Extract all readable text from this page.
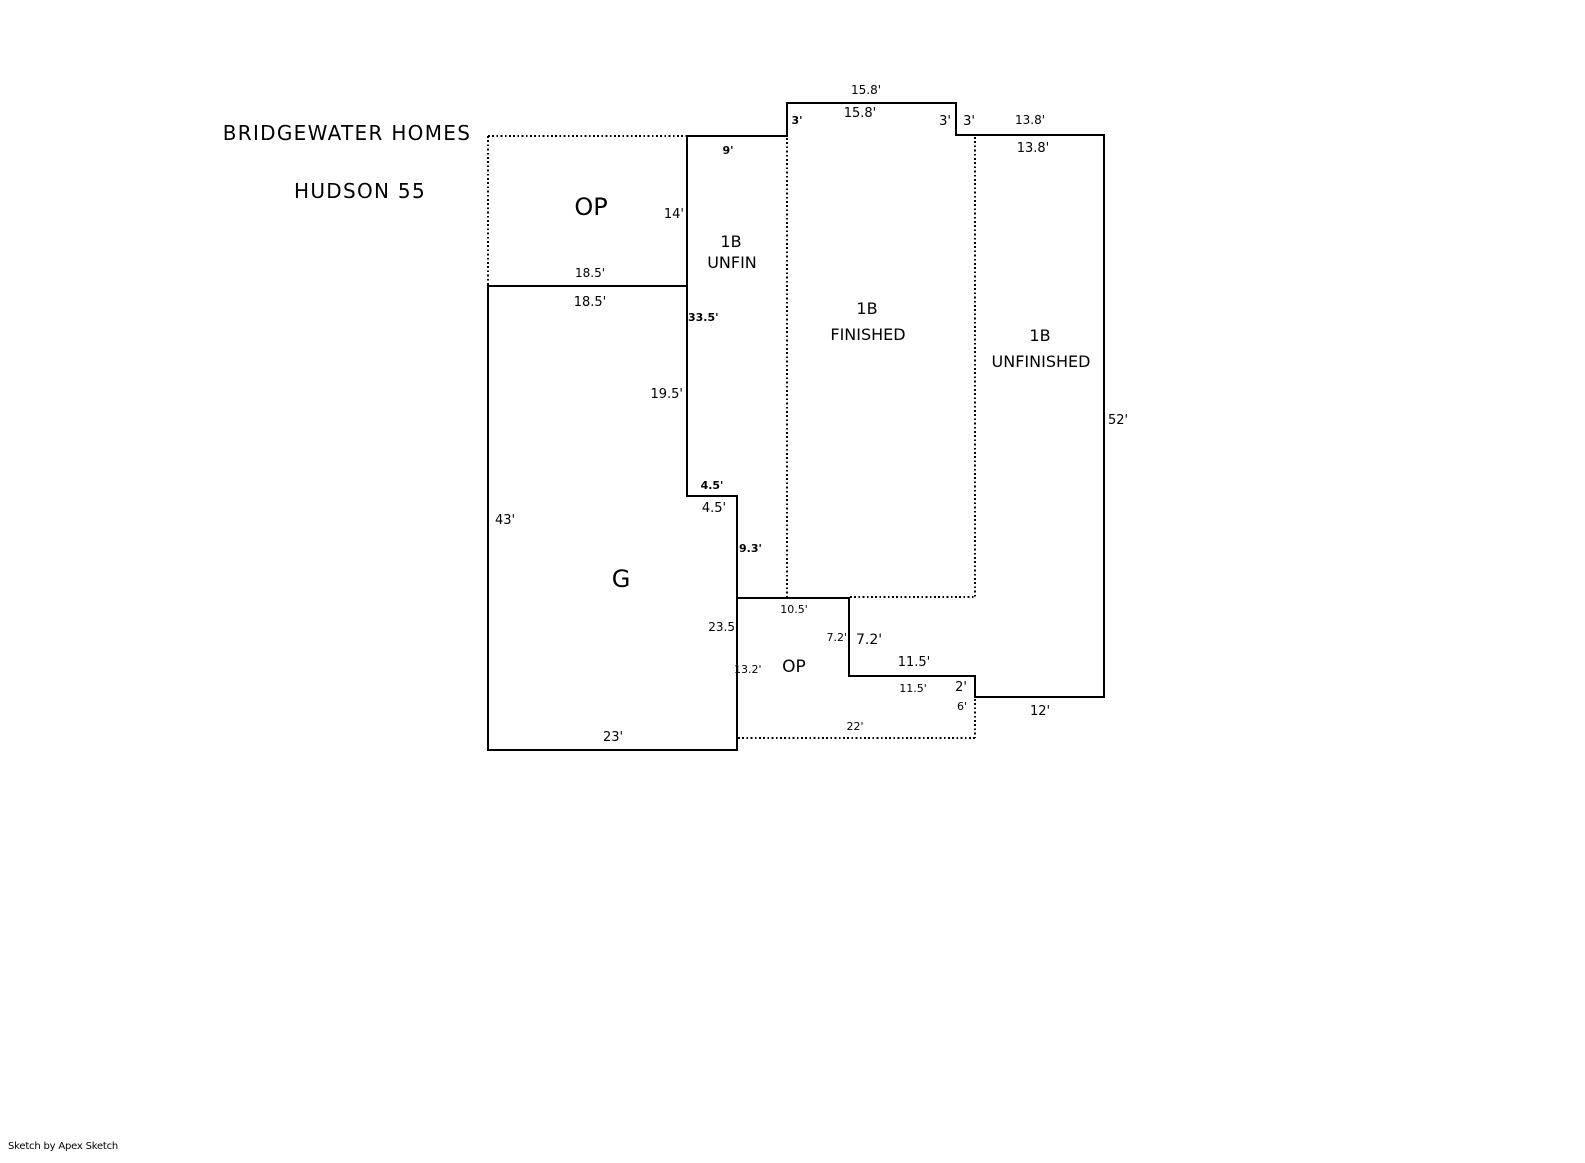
BRIDGEWATER HOMES
HUDSON 55
15.8'
15.8'
3'	3' 3'	13.8'
13.8'
9'
14'
18.5'
18.5'
33.5'
19.5'
52'
4.5'
4.5'
43'
9.3'
10.5'
23.5
7.2' 7.2'
11.5'
13.2'
11.5' 2'
6'	12'
22'
23'
OP
1B
UNFIN
1B
FINISHED	1B
UNFINISHED
G
OP
Sketch by Apex Sketch
